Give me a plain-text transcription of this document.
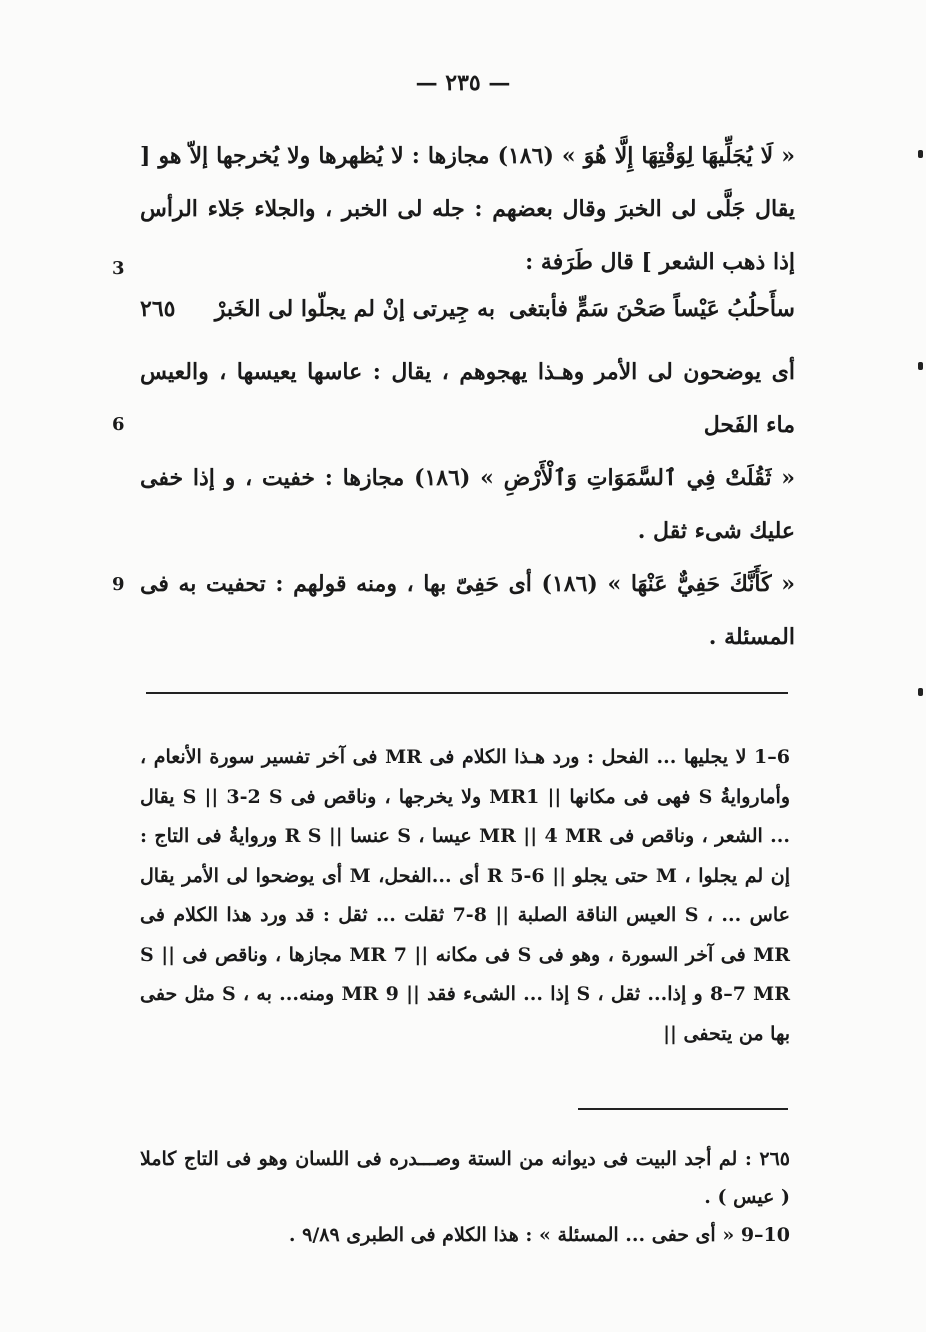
— ٢٣٥ —

« لَا يُجَلِّيهَا لِوَقْتِهَا إِلَّا هُوَ » (١٨٦) مجازها : لا يُظهرها ولا يُخرجها إلاّ هو [ يقال جَلَّى لى الخبرَ وقال بعضهم : جله لى الخبر ، والجلاء جَلاء الرأس إذا ذهب الشعر ] قال طَرَفة :

سأَحلُبُ عَيْساً صَحْنَ سَمٍّ فأبتغى
به جِيرتى إنْ لم يجلّوا لى الخَبرْ
٢٦٥

أى يوضحون لى الأمر وهـذا يهجوهم ، يقال : عاسها يعيسها ، والعيس ماء الفَحل

« ثَقُلَتْ فِي ٱلسَّمَوَاتِ وَٱلْأَرْضِ » (١٨٦) مجازها : خفيت ، و إذا خفى عليك شىء ثقل .

« كَأَنَّكَ حَفِيٌّ عَنْهَا » (١٨٦) أى حَفِىّ بها ، ومنه قولهم : تحفيت به فى المسئلة .

3
6
9
6–1 لا يجليها ... الفحل : ورد هـذا الكلام فى MR فى آخر تفسير سورة الأنعام ، وأماروايةُ S فهى فى مكانها || MR1 ولا يخرجها ، وناقص فى S || 3-2 S يقال ... الشعر ، وناقص فى MR || 4 MR عيسا ، S عنسا || R S وروايةُ فى التاج : إن لم يجلوا ، M حتى يجلو || 6-5 R أى ...الفحل، M أى يوضحوا لى الأمر يقال عاس ... ، S العيس الناقة الصلبة || 8-7 ثقلت ... ثقل : قد ورد هذا الكلام فى MR فى آخر السورة ، وهو فى S فى مكانه || 7 MR مجازها ، وناقص فى S || 8–7 MR و إذا... ثقل ، S إذا ... الشىء فقد || 9 MR ومنه... به ، S مثل حفى بها من يتحفى ||

٢٦٥ : لم أجد البيت فى ديوانه من الستة وصـــدره فى اللسان وهو فى التاج كاملا ( عيس ) .

10–9 « أى حفى ... المسئلة » : هذا الكلام فى الطبرى ٩/٨٩ .
